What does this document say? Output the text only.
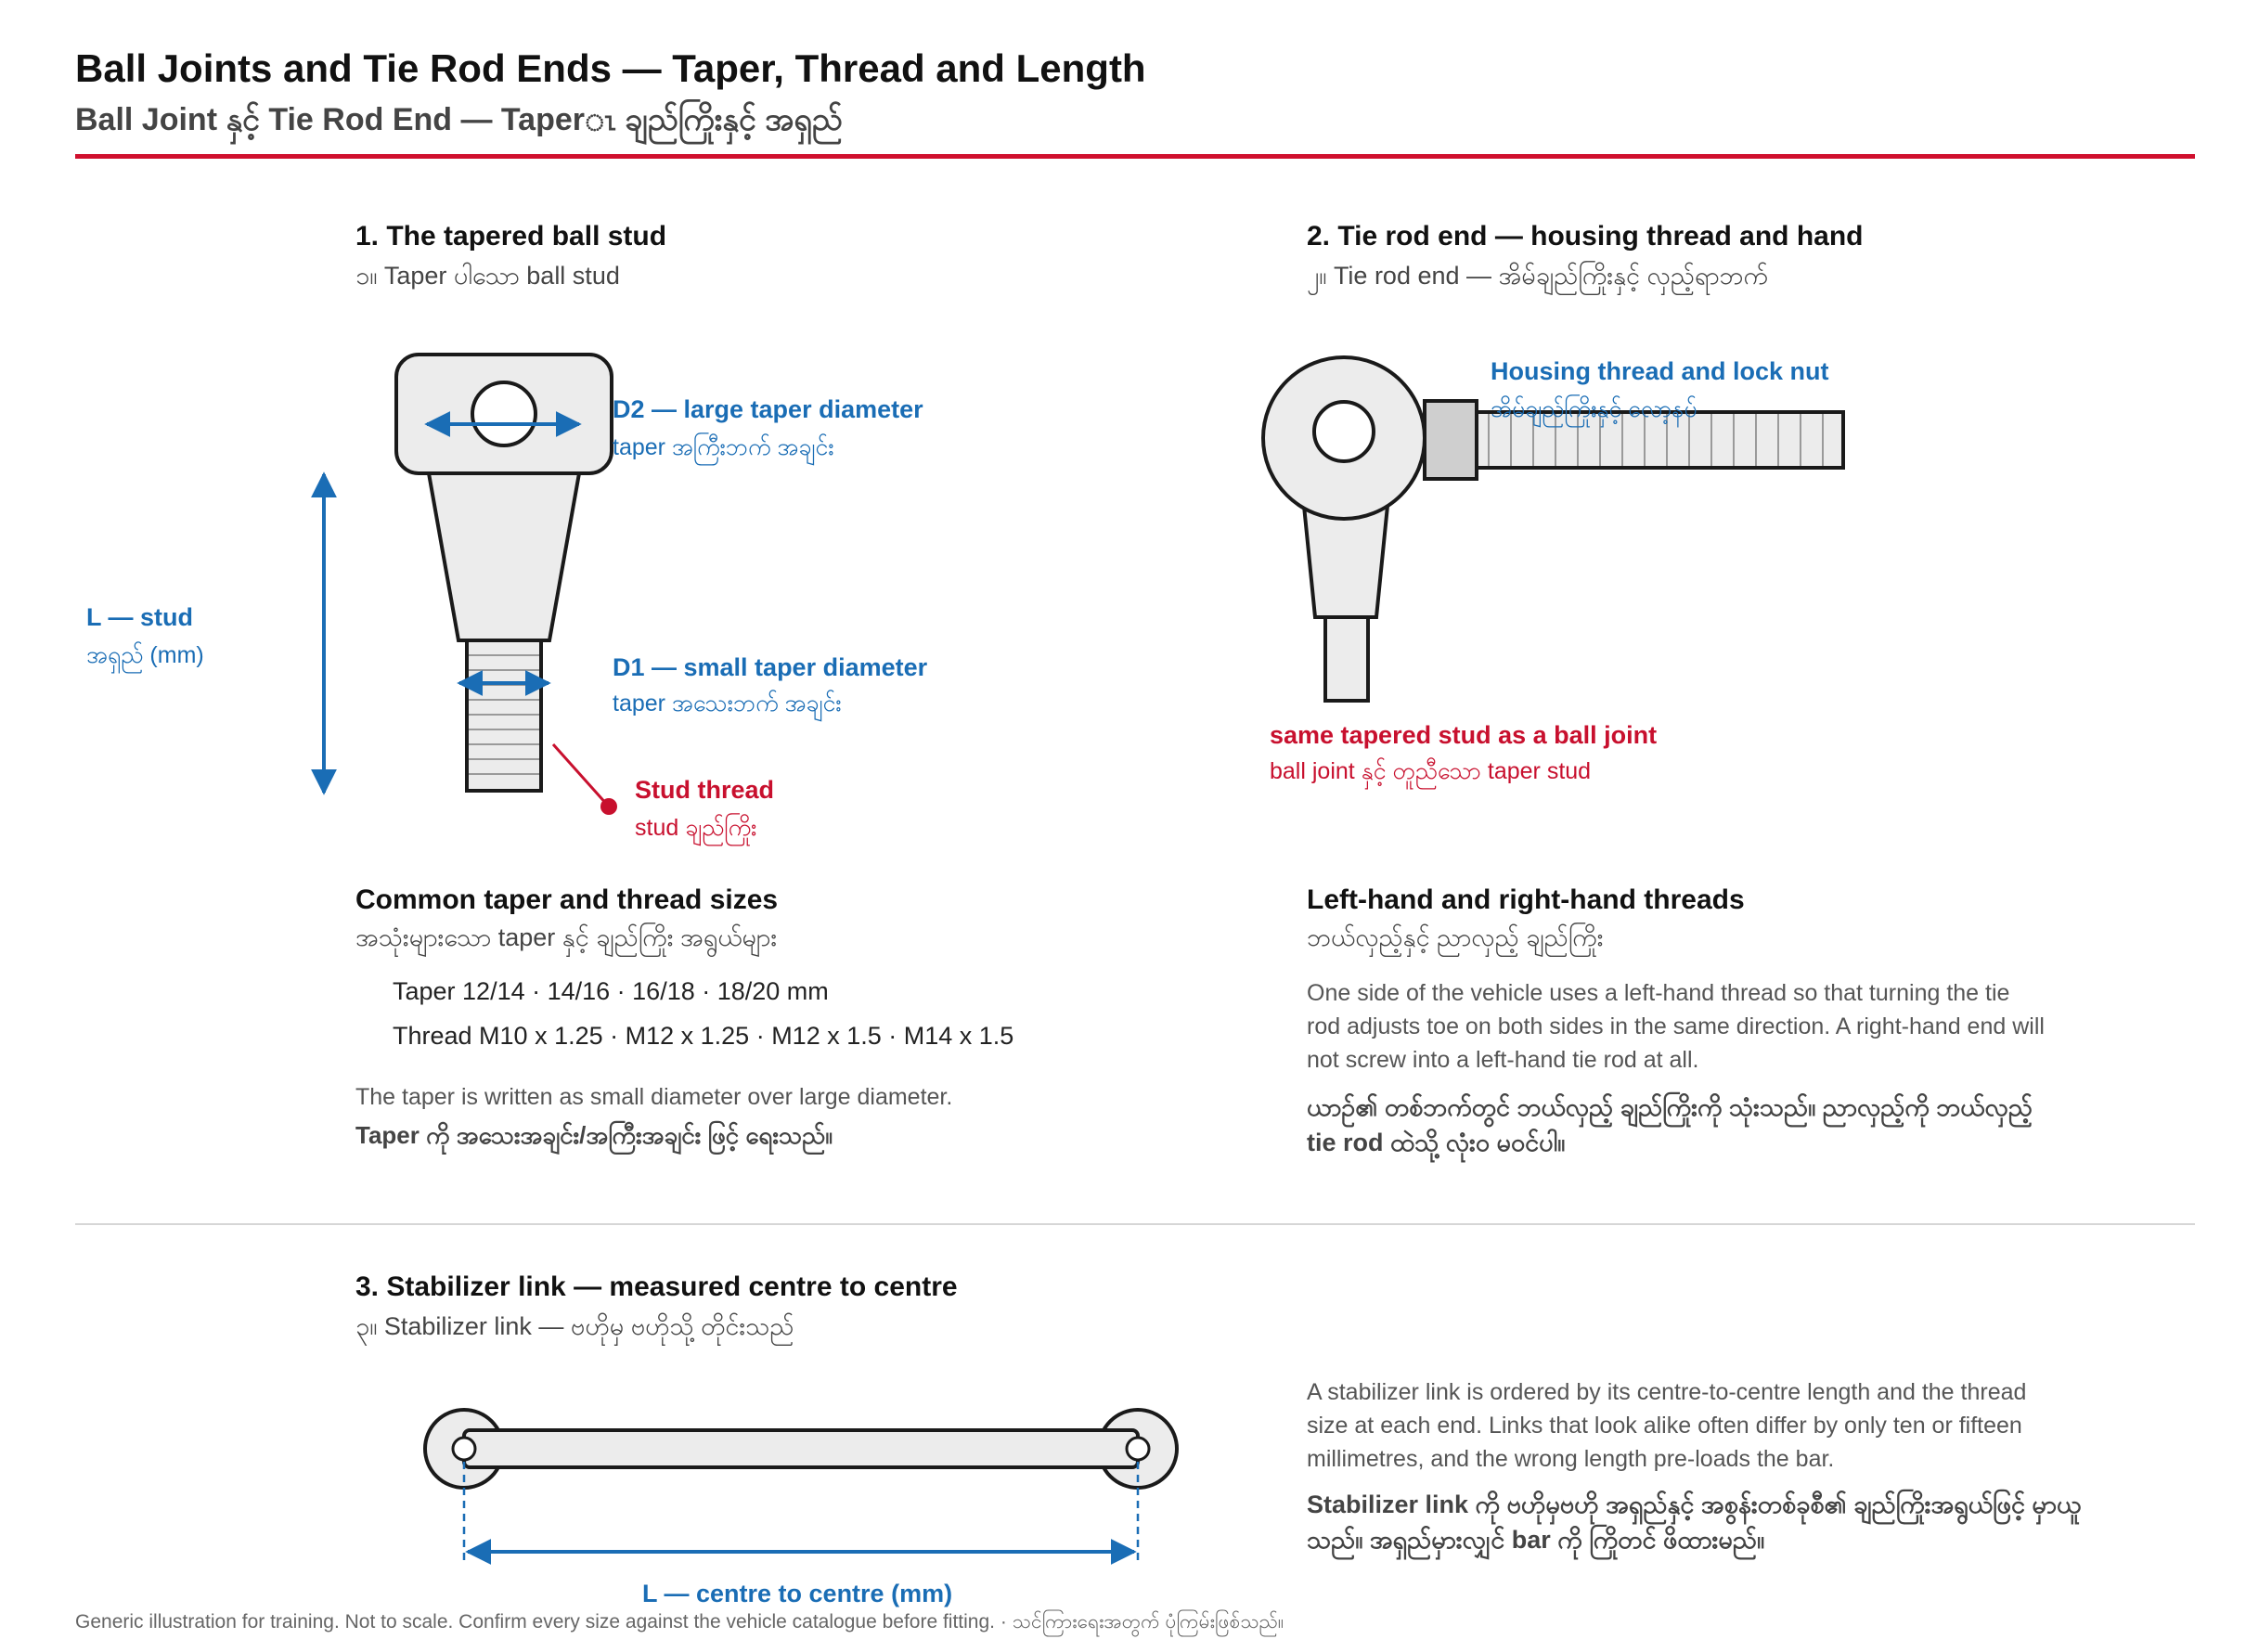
Ball Joints and Tie Rod Ends — Taper, Thread and Length
Ball Joint နှင့် Tie Rod End — Taperၤ ချည်ကြိုးနှင့် အရှည်
1. The tapered ball stud
၁။ Taper ပါသော ball stud
D2 — large taper diameter
taper အကြီးဘက် အချင်း
D1 — small taper diameter
taper အသေးဘက် အချင်း
L — stud
အရှည် (mm)
Stud thread
stud ချည်ကြိုး
2. Tie rod end — housing thread and hand
၂။ Tie rod end — အိမ်ချည်ကြိုးနှင့် လှည့်ရာဘက်
Housing thread and lock nut
အိမ်ချည်ကြိုးနှင့် လော့နပ်
same tapered stud as a ball joint
ball joint နှင့် တူညီသော taper stud
Common taper and thread sizes
အသုံးများသော taper နှင့် ချည်ကြိုး အရွယ်များ
Taper 12/14 · 14/16 · 16/18 · 18/20 mm
Thread M10 x 1.25 · M12 x 1.25 · M12 x 1.5 · M14 x 1.5
The taper is written as small diameter over large diameter.
Taper ကို အသေးအချင်း/အကြီးအချင်း ဖြင့် ရေးသည်။
Left-hand and right-hand threads
ဘယ်လှည့်နှင့် ညာလှည့် ချည်ကြိုး
One side of the vehicle uses a left-hand thread so that turning the tie rod adjusts toe on both sides in the same direction. A right-hand end will not screw into a left-hand tie rod at all.
ယာဉ်၏ တစ်ဘက်တွင် ဘယ်လှည့် ချည်ကြိုးကို သုံးသည်။ ညာလှည့်ကို ဘယ်လှည့် tie rod ထဲသို့ လုံးဝ မဝင်ပါ။
3. Stabilizer link — measured centre to centre
၃။ Stabilizer link — ဗဟိုမှ ဗဟိုသို့ တိုင်းသည်
L — centre to centre (mm)
A stabilizer link is ordered by its centre-to-centre length and the thread size at each end. Links that look alike often differ by only ten or fifteen millimetres, and the wrong length pre-loads the bar.
Stabilizer link ကို ဗဟိုမှဗဟို အရှည်နှင့် အစွန်းတစ်ခုစီ၏ ချည်ကြိုးအရွယ်ဖြင့် မှာယူသည်။ အရှည်မှားလျှင် bar ကို ကြိုတင် ဖိထားမည်။
Generic illustration for training. Not to scale. Confirm every size against the vehicle catalogue before fitting. · သင်ကြားရေးအတွက် ပုံကြမ်းဖြစ်သည်။
